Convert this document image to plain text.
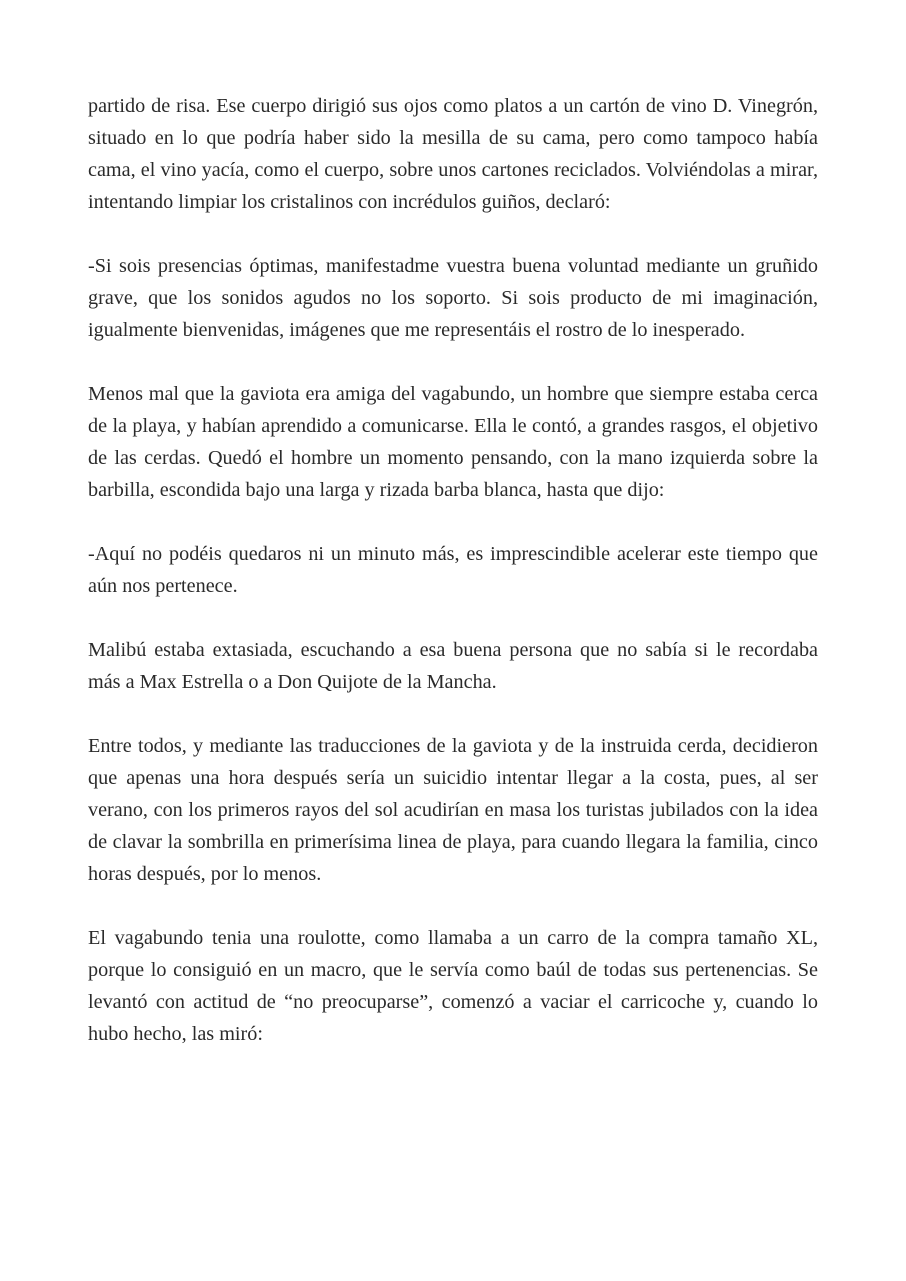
partido de risa. Ese cuerpo dirigió sus ojos como platos a un cartón de vino D. Vinegrón, situado en lo que podría haber sido la mesilla de su cama, pero como tampoco había cama, el vino yacía, como el cuerpo, sobre unos cartones reciclados. Volviéndolas a mirar, intentando limpiar los cristalinos con incrédulos guiños, declaró:

-Si sois presencias óptimas, manifestadme vuestra buena voluntad mediante un gruñido grave, que los sonidos agudos no los soporto. Si sois producto de mi imaginación, igualmente bienvenidas, imágenes que me representáis el rostro de lo inesperado.

Menos mal que la gaviota era amiga del vagabundo, un hombre que siempre estaba cerca de la playa, y habían aprendido a comunicarse. Ella le contó, a grandes rasgos, el objetivo de las cerdas. Quedó el hombre un momento pensando, con la mano izquierda sobre la barbilla, escondida bajo una larga y rizada barba blanca, hasta que dijo:

-Aquí no podéis quedaros ni un minuto más, es imprescindible acelerar este tiempo que aún nos pertenece.

Malibú estaba extasiada, escuchando a esa buena persona que no sabía si le recordaba más a Max Estrella o a Don Quijote de la Mancha.

Entre todos, y mediante las traducciones de la gaviota y de la instruida cerda, decidieron que apenas una hora después sería un suicidio intentar llegar a la costa, pues, al ser verano, con los primeros rayos del sol acudirían en masa los turistas jubilados con la idea de clavar la sombrilla en primerísima linea de playa, para cuando llegara la familia, cinco horas después, por lo menos.

El vagabundo tenia una roulotte, como llamaba a un carro de la compra tamaño XL, porque lo consiguió en un macro, que le servía como baúl de todas sus pertenencias. Se levantó con actitud de “no preocuparse”, comenzó a vaciar el carricoche y, cuando lo hubo hecho, las miró:
